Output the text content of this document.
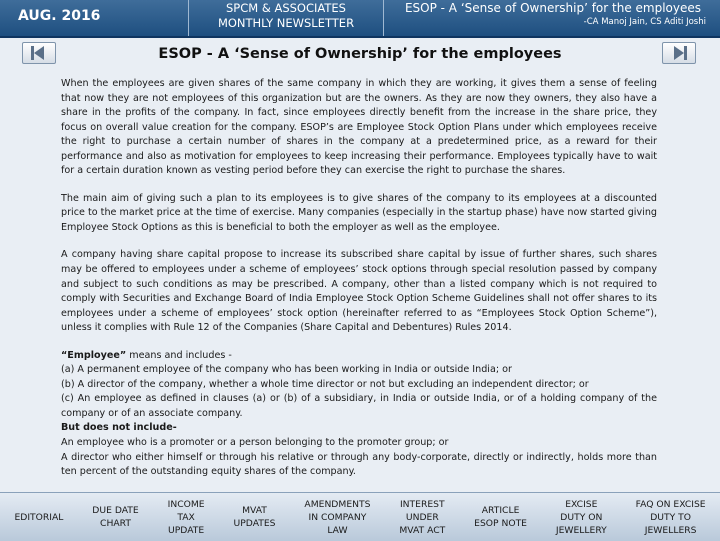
AUG. 2016	SPCM & ASSOCIATES
MONTHLY NEWSLETTER
ESOP - A ‘Sense of Ownership’ for the employees
-CA Manoj Jain, CS Aditi Joshi
ESOP - A ‘Sense of Ownership’ for the employees

When the employees are given shares of the same company in which they are working, it gives them a sense of feeling that now they are not employees of this organization but are the owners. As they are now they owners, they also have a share in the profits of the company. In fact, since employees directly benefit from the increase in the share price, they focus on overall value creation for the company. ESOP’s are Employee Stock Option Plans under which employees receive the right to purchase a certain number of shares in the company at a predetermined price, as a reward for their performance and also as motivation for employees to keep increasing their performance. Employees typically have to wait for a certain duration known as vesting period before they can exercise the right to purchase the shares.

The main aim of giving such a plan to its employees is to give shares of the company to its employees at a discounted price to the market price at the time of exercise. Many companies (especially in the startup phase) have now started giving Employee Stock Options as this is beneficial to both the employer as well as the employee.

A company having share capital propose to increase its subscribed share capital by issue of further shares, such shares may be offered to employees under a scheme of employees’ stock options through special resolution passed by company and subject to such conditions as may be prescribed. A company, other than a listed company which is not required to comply with Securities and Exchange Board of India Employee Stock Option Scheme Guidelines shall not offer shares to its employees under a scheme of employees’ stock option (hereinafter referred to as “Employees Stock Option Scheme”), unless it complies with Rule 12 of the Companies (Share Capital and Debentures) Rules 2014.

“Employee” means and includes -

(a) A permanent employee of the company who has been working in India or outside India; or

(b) A director of the company, whether a whole time director or not but excluding an independent director; or

(c) An employee as defined in clauses (a) or (b) of a subsidiary, in India or outside India, or of a holding company of the company or of an associate company.

But does not include-

An employee who is a promoter or a person belonging to the promoter group; or

A director who either himself or through his relative or through any body-corporate, directly or indirectly, holds more than ten percent of the outstanding equity shares of the company.

EDITORIAL
DUE DATE
CHART
INCOME
TAX
UPDATE
MVAT
UPDATES
AMENDMENTS
IN COMPANY
LAW
INTEREST
UNDER
MVAT ACT
ARTICLE
ESOP NOTE
EXCISE
DUTY ON
JEWELLERY
FAQ ON EXCISE
DUTY TO
JEWELLERS
